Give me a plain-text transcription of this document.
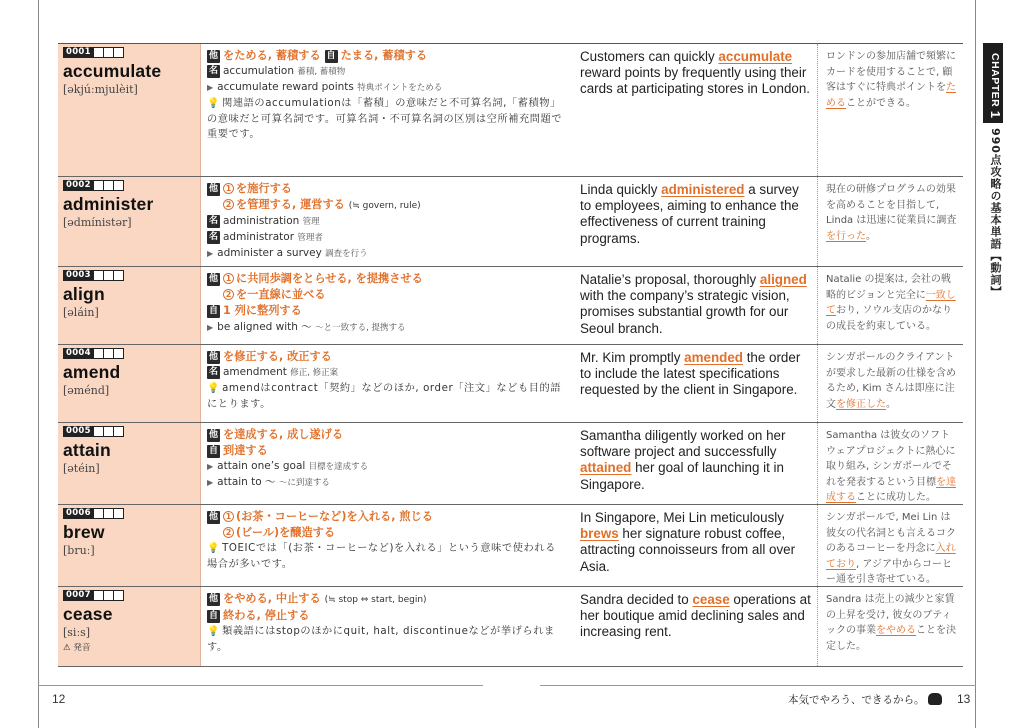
0001
accumulate
[əkjúːmjulèit]
他 をためる, 蓄積する 自 たまる, 蓄積する
名 accumulation 蓄積, 蓄積物
▶ accumulate reward points 特典ポイントをためる
💡 関連語のaccumulationは「蓄積」の意味だと不可算名詞,「蓄積物」の意味だと可算名詞です。可算名詞・不可算名詞の区別は空所補充問題で重要です。
Customers can quickly accumulate reward points by frequently using their cards at participating stores in London.
ロンドンの参加店舗で頻繁にカードを使用することで, 顧客はすぐに特典ポイントをためることができる。
0002
administer
[ədmínistər]
他 1 を施行する
2 を管理する, 運営する (≒ govern, rule)
名 administration 管理
名 administrator 管理者
▶ administer a survey 調査を行う
Linda quickly administered a survey to employees, aiming to enhance the effectiveness of current training programs.
現在の研修プログラムの効果を高めることを目指して, Linda は迅速に従業員に調査を行った。
0003
align
[əláin]
他 1 に共同歩調をとらせる, を提携させる
2 を一直線に並べる
自 1 列に整列する
▶ be aligned with ～ ～と一致する, 提携する
Natalie’s proposal, thoroughly aligned with the company’s strategic vision, promises substantial growth for our Seoul branch.
Natalie の提案は, 会社の戦略的ビジョンと完全に一致しており, ソウル支店のかなりの成長を約束している。
0004
amend
[əménd]
他 を修正する, 改正する
名 amendment 修正, 修正案
💡 amendはcontract「契約」などのほか, order「注文」なども目的語にとります。
Mr. Kim promptly amended the order to include the latest specifications requested by the client in Singapore.
シンガポールのクライアントが要求した最新の仕様を含めるため, Kim さんは即座に注文を修正した。
0005
attain
[ətéin]
他 を達成する, 成し遂げる
自 到達する
▶ attain one’s goal 目標を達成する
▶ attain to ～ ～に到達する
Samantha diligently worked on her software project and successfully attained her goal of launching it in Singapore.
Samantha は彼女のソフトウェアプロジェクトに熱心に取り組み, シンガポールでそれを発表するという目標を達成することに成功した。
0006
brew
[bruː]
他 1 (お茶・コーヒーなど)を入れる, 煎じる
2 (ビール)を醸造する
💡 TOEICでは「(お茶・コーヒーなど)を入れる」という意味で使われる場合が多いです。
In Singapore, Mei Lin meticulously brews her signature robust coffee, attracting connoisseurs from all over Asia.
シンガポールで, Mei Lin は彼女の代名詞とも言えるコクのあるコーヒーを丹念に入れており, アジア中からコーヒー通を引き寄せている。
0007
cease
[siːs]
⚠ 発音
他 をやめる, 中止する (≒ stop ⇔ start, begin)
自 終わる, 停止する
💡 類義語にはstopのほかにquit, halt, discontinueなどが挙げられます。
Sandra decided to cease operations at her boutique amid declining sales and increasing rent.
Sandra は売上の減少と家賃の上昇を受け, 彼女のブティックの事業をやめることを決定した。
CHAPTER 1
990点攻略の基本単語【動詞】
12	本気でやろう、できるから。	13
